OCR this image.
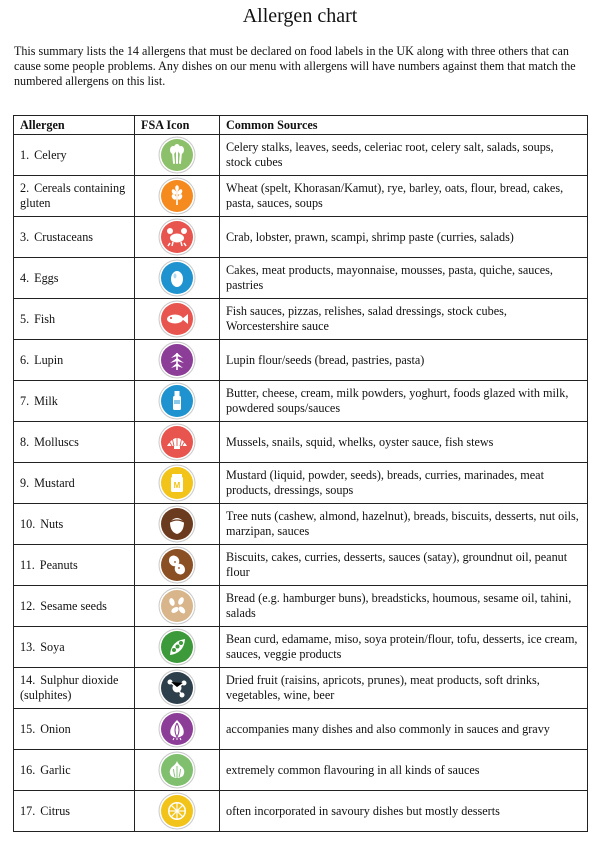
Allergen chart

This summary lists the 14 allergens that must be declared on food labels in the UK along with three others that can cause some people problems. Any dishes on our menu with allergens will have numbers against them that match the numbered allergens on this list.

Allergen	FSA Icon	Common Sources
1. Celery		Celery stalks, leaves, seeds, celeriac root, celery salt, salads, soups, stock cubes
2. Cereals containing gluten		Wheat (spelt, Khorasan/Kamut), rye, barley, oats, flour, bread, cakes, pasta, sauces, soups
3. Crustaceans		Crab, lobster, prawn, scampi, shrimp paste (curries, salads)
4. Eggs		Cakes, meat products, mayonnaise, mousses, pasta, quiche, sauces, pastries
5. Fish		Fish sauces, pizzas, relishes, salad dressings, stock cubes, Worcestershire sauce
6. Lupin		Lupin flour/seeds (bread, pastries, pasta)
7. Milk		Butter, cheese, cream, milk powders, yoghurt, foods glazed with milk, powdered soups/sauces
8. Molluscs		Mussels, snails, squid, whelks, oyster sauce, fish stews
9. Mustard	M	Mustard (liquid, powder, seeds), breads, curries, marinades, meat products, dressings, soups
10. Nuts		Tree nuts (cashew, almond, hazelnut), breads, biscuits, desserts, nut oils, marzipan, sauces
11. Peanuts		Biscuits, cakes, curries, desserts, sauces (satay), groundnut oil, peanut flour
12. Sesame seeds		Bread (e.g. hamburger buns), breadsticks, houmous, sesame oil, tahini, salads
13. Soya		Bean curd, edamame, miso, soya protein/flour, tofu, desserts, ice cream, sauces, veggie products
14. Sulphur dioxide (sulphites)		Dried fruit (raisins, apricots, prunes), meat products, soft drinks, vegetables, wine, beer
15. Onion		accompanies many dishes and also commonly in sauces and gravy
16. Garlic		extremely common flavouring in all kinds of sauces
17. Citrus		often incorporated in savoury dishes but mostly desserts
